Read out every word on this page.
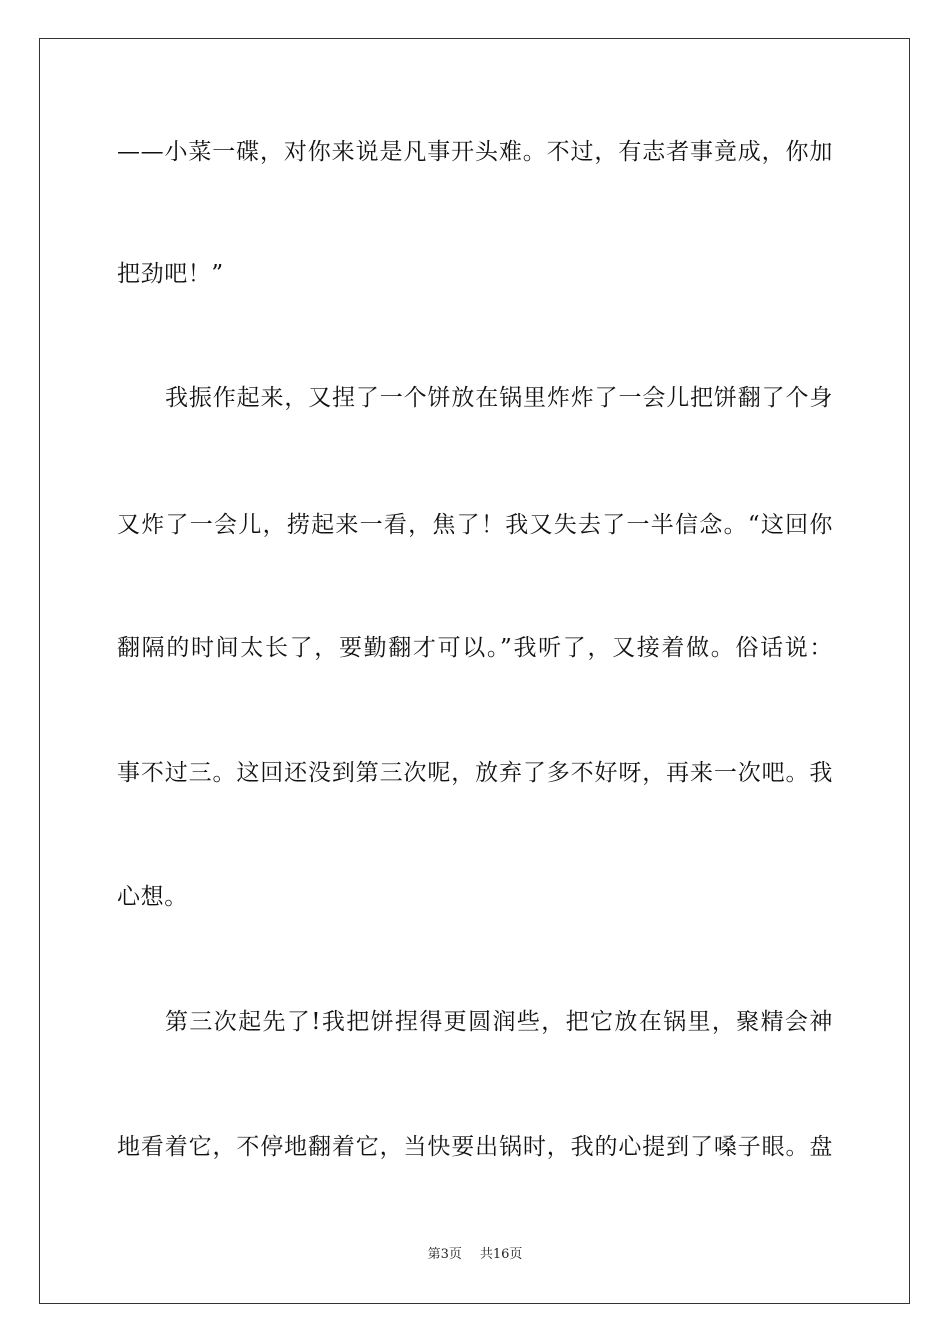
——小菜一碟，对你来说是凡事开头难。不过，有志者事竟成，你加
把劲吧！”
我振作起来，又捏了一个饼放在锅里炸炸了一会儿把饼翻了个身
又炸了一会儿，捞起来一看，焦了！我又失去了一半信念。“这回你
翻隔的时间太长了，要勤翻才可以。”我听了，又接着做。俗话说：
事不过三。这回还没到第三次呢，放弃了多不好呀，再来一次吧。我
心想。
第三次起先了!我把饼捏得更圆润些，把它放在锅里，聚精会神
地看着它，不停地翻着它，当快要出锅时，我的心提到了嗓子眼。盘
第3页 共16页
